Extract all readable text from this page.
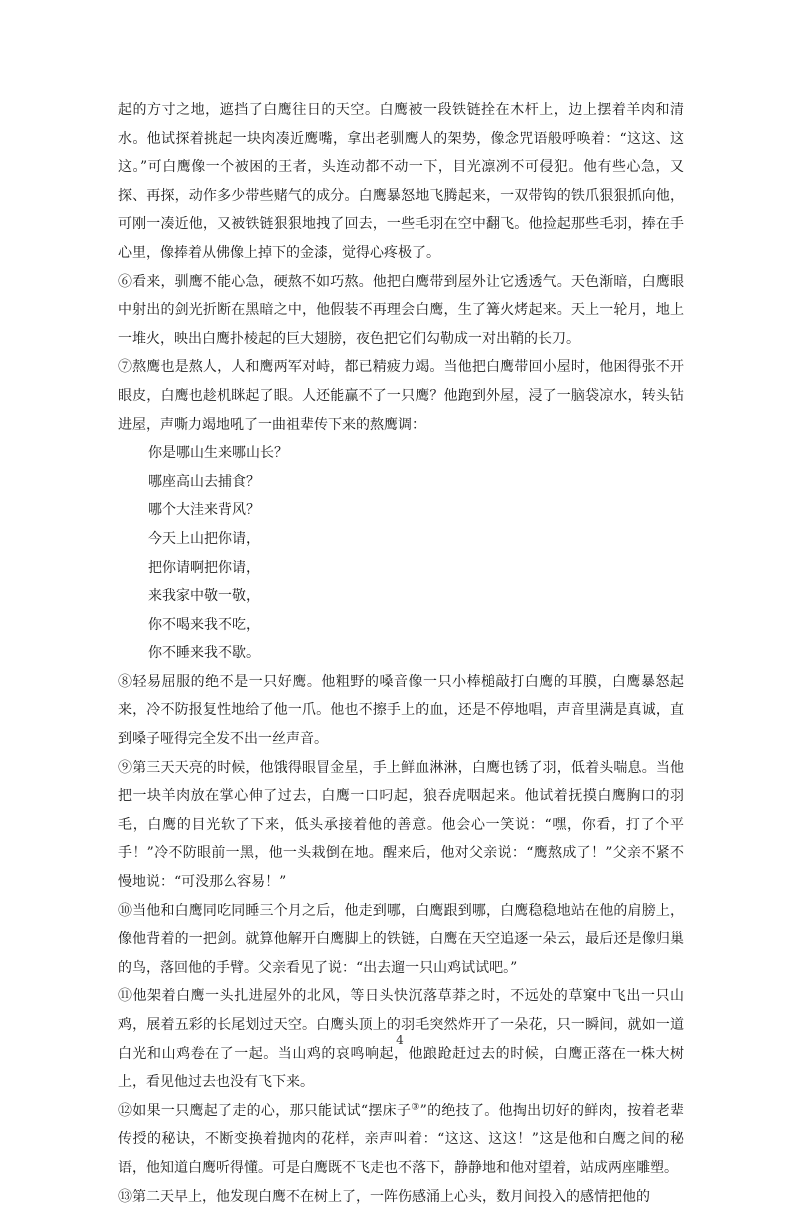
起的方寸之地，遮挡了白鹰往日的天空。白鹰被一段铁链拴在木杆上，边上摆着羊肉和清水。他试探着挑起一块肉凑近鹰嘴，拿出老驯鹰人的架势，像念咒语般呼唤着：“这这、这这。”可白鹰像一个被困的王者，头连动都不动一下，目光凛冽不可侵犯。他有些心急，又探、再探，动作多少带些赌气的成分。白鹰暴怒地飞腾起来，一双带钩的铁爪狠狠抓向他，可刚一凑近他，又被铁链狠狠地拽了回去，一些毛羽在空中翻飞。他捡起那些毛羽，捧在手心里，像捧着从佛像上掉下的金漆，觉得心疼极了。

⑥看来，驯鹰不能心急，硬熬不如巧熬。他把白鹰带到屋外让它透透气。天色渐暗，白鹰眼中射出的剑光折断在黑暗之中，他假装不再理会白鹰，生了篝火烤起来。天上一轮月，地上一堆火，映出白鹰扑棱起的巨大翅膀，夜色把它们勾勒成一对出鞘的长刀。

⑦熬鹰也是熬人，人和鹰两军对峙，都已精疲力竭。当他把白鹰带回小屋时，他困得张不开眼皮，白鹰也趁机眯起了眼。人还能赢不了一只鹰？他跑到外屋，浸了一脑袋凉水，转头钻进屋，声嘶力竭地吼了一曲祖辈传下来的熬鹰调：

你是哪山生来哪山长？

哪座高山去捕食？

哪个大洼来背风？

今天上山把你请，

把你请啊把你请，

来我家中敬一敬，

你不喝来我不吃，

你不睡来我不歇。

⑧轻易屈服的绝不是一只好鹰。他粗野的嗓音像一只小棒槌敲打白鹰的耳膜，白鹰暴怒起来，冷不防报复性地给了他一爪。他也不擦手上的血，还是不停地唱，声音里满是真诚，直到嗓子哑得完全发不出一丝声音。

⑨第三天天亮的时候，他饿得眼冒金星，手上鲜血淋淋，白鹰也锈了羽，低着头喘息。当他把一块羊肉放在掌心伸了过去，白鹰一口叼起，狼吞虎咽起来。他试着抚摸白鹰胸口的羽毛，白鹰的目光软了下来，低头承接着他的善意。他会心一笑说：“嘿，你看，打了个平手！”冷不防眼前一黑，他一头栽倒在地。醒来后，他对父亲说：“鹰熬成了！”父亲不紧不慢地说：“可没那么容易！”

⑩当他和白鹰同吃同睡三个月之后，他走到哪，白鹰跟到哪，白鹰稳稳地站在他的肩膀上，像他背着的一把剑。就算他解开白鹰脚上的铁链，白鹰在天空追逐一朵云，最后还是像归巢的鸟，落回他的手臂。父亲看见了说：“出去遛一只山鸡试试吧。”

⑪他架着白鹰一头扎进屋外的北风，等日头快沉落草莽之时，不远处的草窠中飞出一只山鸡，展着五彩的长尾划过天空。白鹰头顶上的羽毛突然炸开了一朵花，只一瞬间，就如一道白光和山鸡卷在了一起。当山鸡的哀鸣响起，他踉跄赶过去的时候，白鹰正落在一株大树上，看见他过去也没有飞下来。

⑫如果一只鹰起了走的心，那只能试试“摆床子③”的绝技了。他掏出切好的鲜肉，按着老辈传授的秘诀，不断变换着抛肉的花样，亲声叫着：“这这、这这！”这是他和白鹰之间的秘语，他知道白鹰听得懂。可是白鹰既不飞走也不落下，静静地和他对望着，站成两座雕塑。

⑬第二天早上，他发现白鹰不在树上了，一阵伤感涌上心头，数月间投入的感情把他的

4
